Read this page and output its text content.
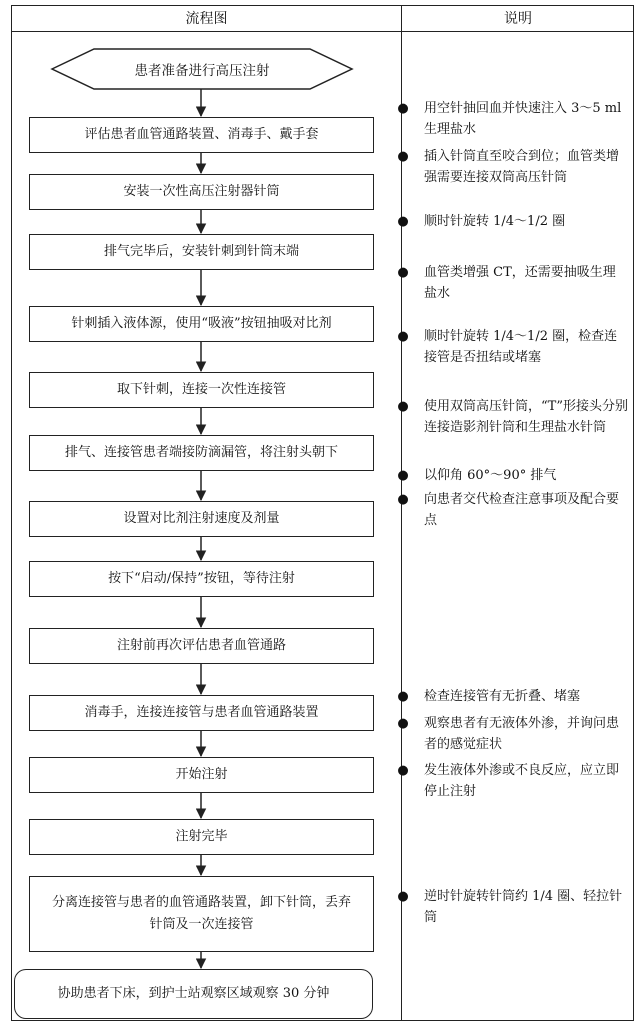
流程图	说明
患者准备进行高压注射
评估患者血管通路装置、消毒手、戴手套
安装一次性高压注射器针筒
排气完毕后，安装针刺到针筒末端
针刺插入液体源，使用“吸液”按钮抽吸对比剂
取下针刺，连接一次性连接管
排气、连接管患者端接防滴漏管，将注射头朝下
设置对比剂注射速度及剂量
按下“启动/保持”按钮，等待注射
注射前再次评估患者血管通路
消毒手，连接连接管与患者血管通路装置
开始注射
注射完毕
分离连接管与患者的血管通路装置，卸下针筒，丢弃针筒及一次连接管
协助患者下床，到护士站观察区域观察 30 分钟
● 用空针抽回血并快速注入 3～5 ml 生理盐水
● 插入针筒直至咬合到位；血管类增强需要连接双筒高压针筒
● 顺时针旋转 1/4～1/2 圈
● 血管类增强 CT，还需要抽吸生理盐水
● 顺时针旋转 1/4～1/2 圈，检查连接管是否扭结或堵塞
● 使用双筒高压针筒，“T”形接头分别连接造影剂针筒和生理盐水针筒
● 以仰角 60°～90° 排气
● 向患者交代检查注意事项及配合要点
● 检查连接管有无折叠、堵塞
● 观察患者有无液体外渗，并询问患者的感觉症状
● 发生液体外渗或不良反应，应立即停止注射
● 逆时针旋转针筒约 1/4 圈、轻拉针筒
